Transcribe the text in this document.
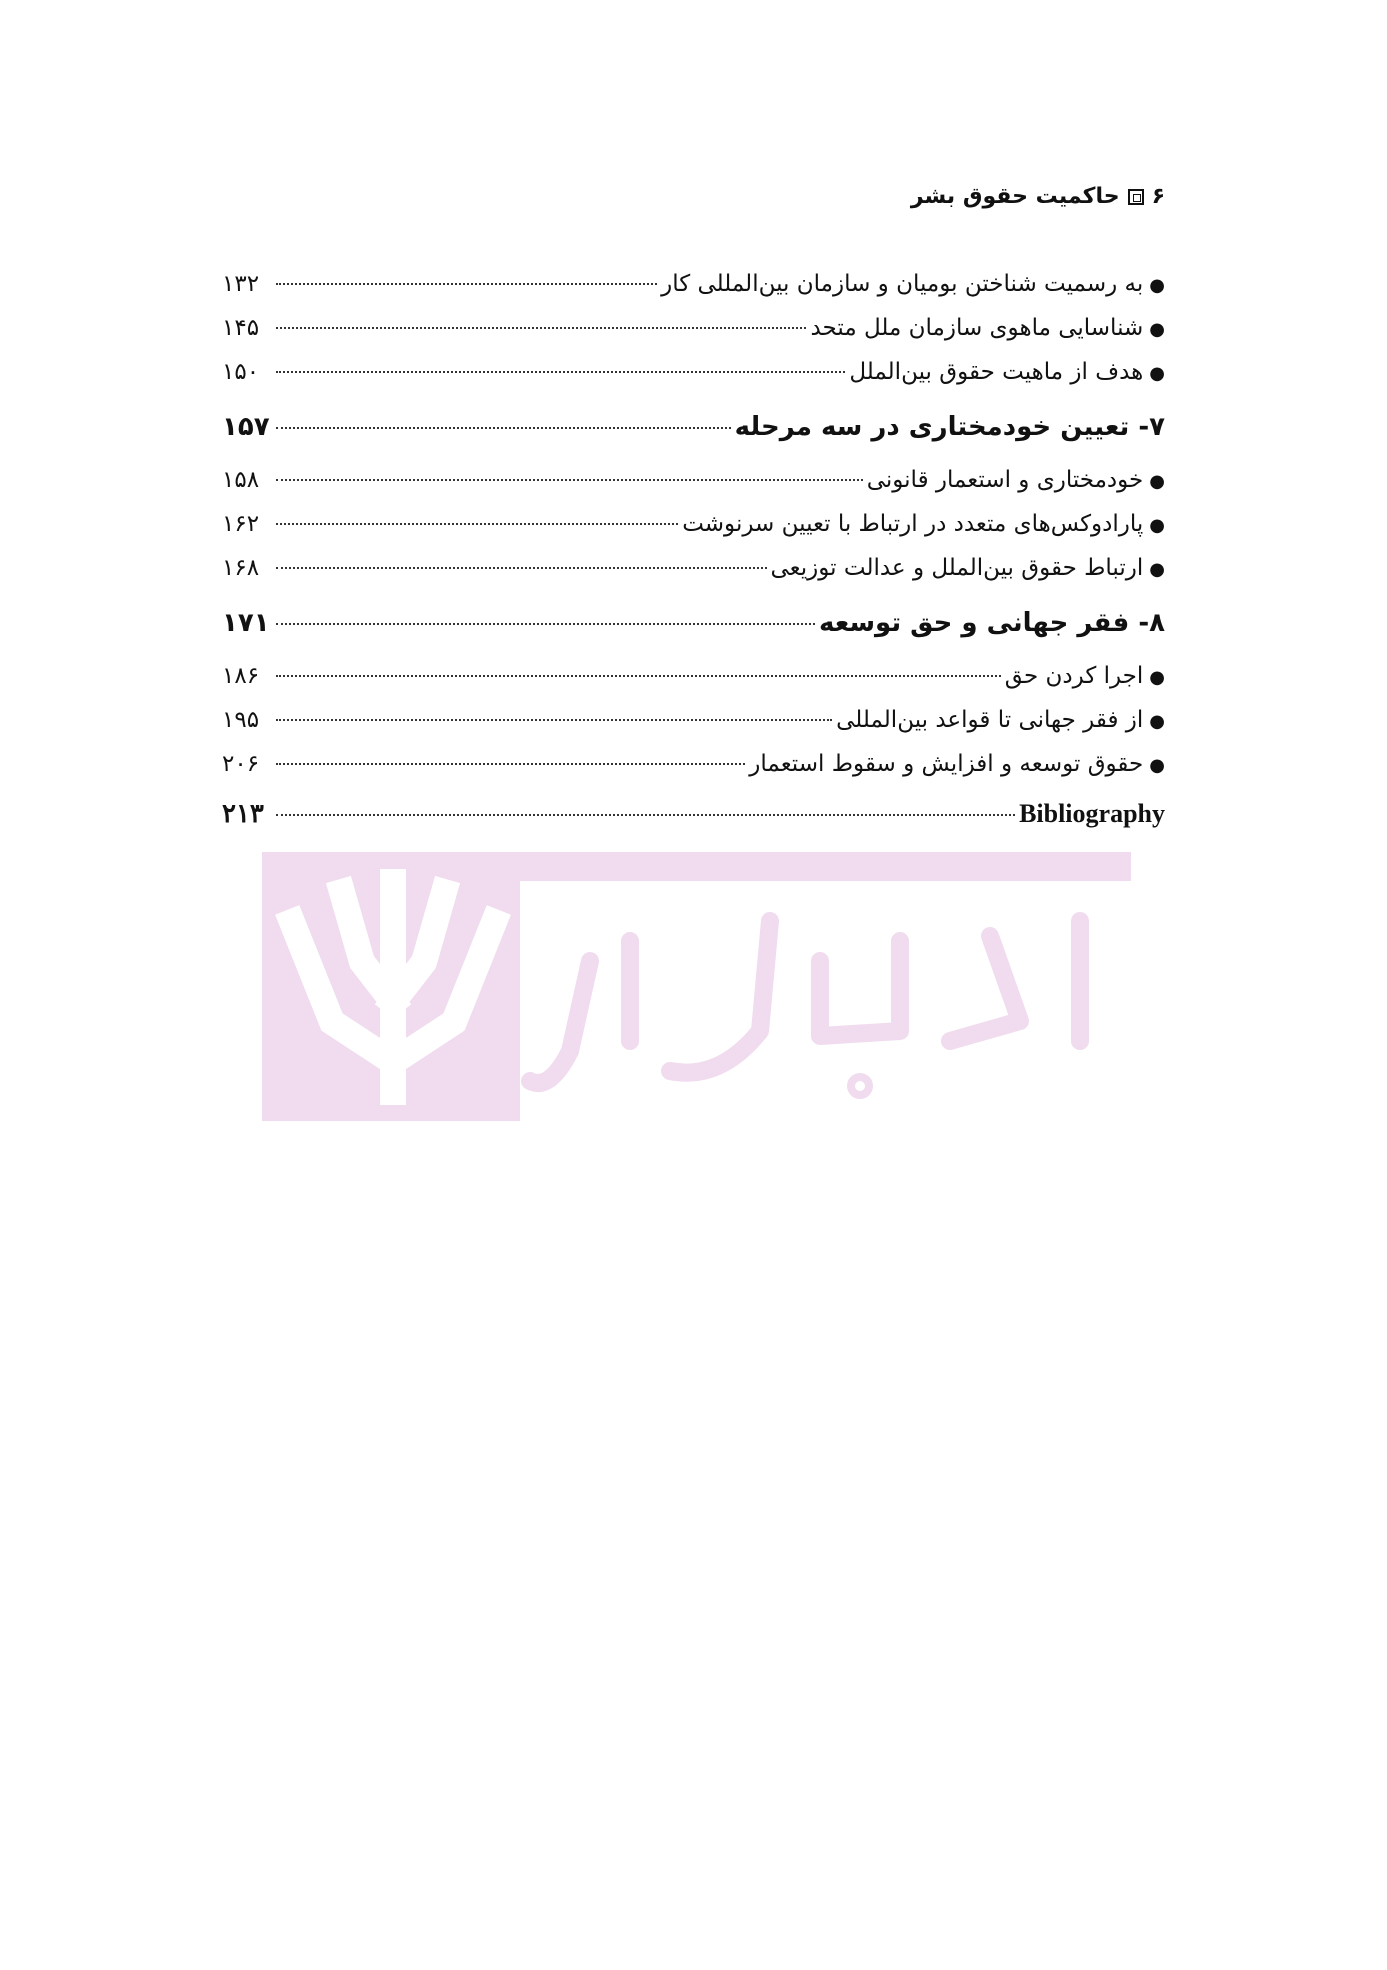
۶
حاکمیت حقوق بشر
●
به رسمیت شناختن بومیان و سازمان بین‌المللی کار
۱۳۲
●
شناسایی ماهوی سازمان ملل متحد
۱۴۵
●
هدف از ماهیت حقوق بین‌الملل
۱۵۰
۷- تعیین خودمختاری در سه مرحله
۱۵۷
●
خودمختاری و استعمار قانونی
۱۵۸
●
پارادوکس‌های متعدد در ارتباط با تعیین سرنوشت
۱۶۲
●
ارتباط حقوق بین‌الملل و عدالت توزیعی
۱۶۸
۸- فقر جهانی و حق توسعه
۱۷۱
●
اجرا کردن حق
۱۸۶
●
از فقر جهانی تا قواعد بین‌المللی
۱۹۵
●
حقوق توسعه و افزایش و سقوط استعمار
۲۰۶
Bibliography
۲۱۳
